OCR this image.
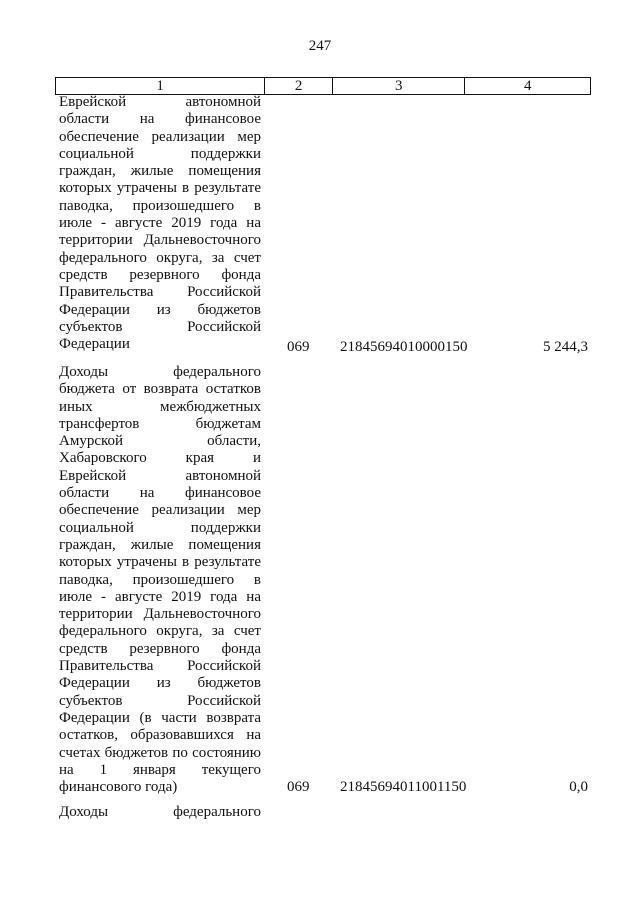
247
1	2	3	4
Еврейской автономной
области на финансовое
обеспечение реализации мер
социальной поддержки
граждан, жилые помещения
которых утрачены в результате
паводка, произошедшего в
июле - августе 2019 года на
территории Дальневосточного
федерального округа, за счет
средств резервного фонда
Правительства Российской
Федерации из бюджетов
субъектов Российской
Федерации	069 21845694010000150	5 244,3
Доходы федерального
бюджета от возврата остатков
иных межбюджетных
трансфертов бюджетам
Амурской области,
Хабаровского края и
Еврейской автономной
области на финансовое
обеспечение реализации мер
социальной поддержки
граждан, жилые помещения
которых утрачены в результате
паводка, произошедшего в
июле - августе 2019 года на
территории Дальневосточного
федерального округа, за счет
средств резервного фонда
Правительства Российской
Федерации из бюджетов
субъектов Российской
Федерации (в части возврата
остатков, образовавшихся на
счетах бюджетов по состоянию
на 1 января текущего
финансового года)	069 21845694011001150	0,0
Доходы федерального
